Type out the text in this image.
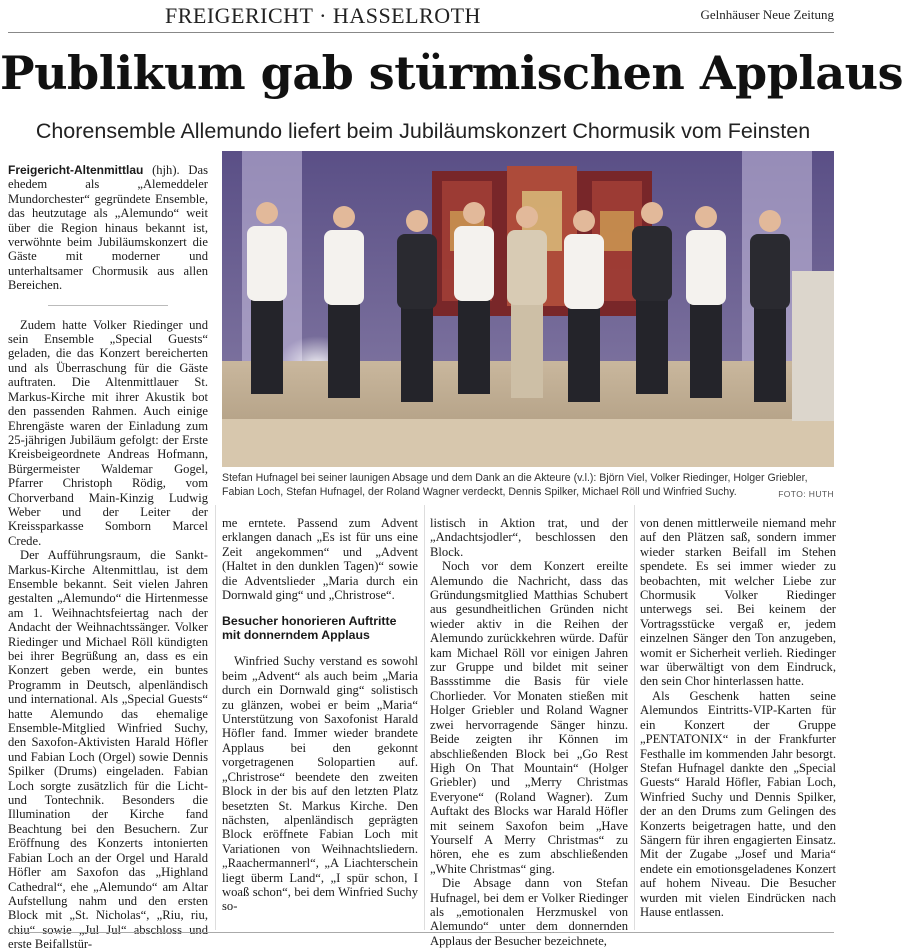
FREIGERICHT · HASSELROTH	Gelnhäuser Neue Zeitung
Publikum gab stürmischen Applaus
Chorensemble Allemundo liefert beim Jubiläumskonzert Chormusik vom Feinsten

Freigericht-Altenmittlau (hjh). Das ehedem als „Alemeddeler Mundorchester“ gegründete Ensemble, das heutzutage als „Alemundo“ weit über die Region hinaus bekannt ist, verwöhnte beim Jubiläumskonzert die Gäste mit moderner und unterhaltsamer Chormusik aus allen Bereichen.

Zudem hatte Volker Riedinger und sein Ensemble „Special Guests“ geladen, die das Konzert bereicherten und als Überraschung für die Gäste auftraten. Die Altenmittlauer St. Markus-Kirche mit ihrer Akustik bot den passenden Rahmen. Auch einige Ehrengäste waren der Einladung zum 25-jährigen Jubiläum gefolgt: der Erste Kreisbeigeordnete Andreas Hofmann, Bürgermeister Waldemar Gogel, Pfarrer Christoph Rödig, vom Chorverband Main-Kinzig Ludwig Weber und der Leiter der Kreissparkasse Somborn Marcel Crede.

Der Aufführungsraum, die Sankt-Markus-Kirche Altenmittlau, ist dem Ensemble bekannt. Seit vielen Jahren gestalten „Alemundo“ die Hirtenmesse am 1. Weihnachtsfeiertag nach der Andacht der Weihnachtssänger. Volker Riedinger und Michael Röll kündigten bei ihrer Begrüßung an, dass es ein Konzert geben werde, ein buntes Programm in Deutsch, alpenländisch und international. Als „Special Guests“ hatte Alemundo das ehemalige Ensemble-Mitglied Winfried Suchy, den Saxofon-Aktivisten Harald Höfler und Fabian Loch (Orgel) sowie Dennis Spilker (Drums) eingeladen. Fabian Loch sorgte zusätzlich für die Licht- und Tontechnik. Besonders die Illumination der Kirche fand Beachtung bei den Besuchern. Zur Eröffnung des Konzerts intonierten Fabian Loch an der Orgel und Harald Höfler am Saxofon das „Highland Cathedral“, ehe „Alemundo“ am Altar Aufstellung nahm und den ersten Block mit „St. Nicholas“, „Riu, riu, chiu“ sowie „Jul Jul“ abschloss und erste Beifallstür-

Stefan Hufnagel bei seiner launigen Absage und dem Dank an die Akteure (v.l.): Björn Viel, Volker Riedinger, Holger Griebler, Fabian Loch, Stefan Hufnagel, der Roland Wagner verdeckt, Dennis Spilker, Michael Röll und Winfried Suchy.	FOTO: HUTH

me erntete. Passend zum Advent erklangen danach „Es ist für uns eine Zeit angekommen“ und „Advent (Haltet in den dunklen Tagen)“ sowie die Adventslieder „Maria durch ein Dornwald ging“ und „Christrose“.

Besucher honorieren Auftritte mit donnerndem Applaus

Winfried Suchy verstand es sowohl beim „Advent“ als auch beim „Maria durch ein Dornwald ging“ solistisch zu glänzen, wobei er beim „Maria“ Unterstützung von Saxofonist Harald Höfler fand. Immer wieder brandete Applaus bei den gekonnt vorgetragenen Solopartien auf. „Christrose“ beendete den zweiten Block in der bis auf den letzten Platz besetzten St. Markus Kirche. Den nächsten, alpenländisch geprägten Block eröffnete Fabian Loch mit Variationen von Weihnachtsliedern. „Raachermannerl“, „A Liachterschein liegt überm Land“, „I spür schon, I woaß schon“, bei dem Winfried Suchy so-

listisch in Aktion trat, und der „Andachtsjodler“, beschlossen den Block.

Noch vor dem Konzert ereilte Alemundo die Nachricht, dass das Gründungsmitglied Matthias Schubert aus gesundheitlichen Gründen nicht wieder aktiv in die Reihen der Alemundo zurückkehren würde. Dafür kam Michael Röll vor einigen Jahren zur Gruppe und bildet mit seiner Bassstimme die Basis für viele Chorlieder. Vor Monaten stießen mit Holger Griebler und Roland Wagner zwei hervorragende Sänger hinzu. Beide zeigten ihr Können im abschließenden Block bei „Go Rest High On That Mountain“ (Holger Griebler) und „Merry Christmas Everyone“ (Roland Wagner). Zum Auftakt des Blocks war Harald Höfler mit seinem Saxofon beim „Have Yourself A Merry Christmas“ zu hören, ehe es zum abschließenden „White Christmas“ ging.

Die Absage dann von Stefan Hufnagel, bei dem er Volker Riedinger als „emotionalen Herzmuskel von Alemundo“ unter dem donnernden Applaus der Besucher bezeichnete,

von denen mittlerweile niemand mehr auf den Plätzen saß, sondern immer wieder starken Beifall im Stehen spendete. Es sei immer wieder zu beobachten, mit welcher Liebe zur Chormusik Volker Riedinger unterwegs sei. Bei keinem der Vortragsstücke vergaß er, jedem einzelnen Sänger den Ton anzugeben, womit er Sicherheit verlieh. Riedinger war überwältigt von dem Eindruck, den sein Chor hinterlassen hatte.

Als Geschenk hatten seine Alemundos Eintritts-VIP-Karten für ein Konzert der Gruppe „PENTATONIX“ in der Frankfurter Festhalle im kommenden Jahr besorgt. Stefan Hufnagel dankte den „Special Guests“ Harald Höfler, Fabian Loch, Winfried Suchy und Dennis Spilker, der an den Drums zum Gelingen des Konzerts beigetragen hatte, und den Sängern für ihren engagierten Einsatz. Mit der Zugabe „Josef und Maria“ endete ein emotionsgeladenes Konzert auf hohem Niveau. Die Besucher wurden mit vielen Eindrücken nach Hause entlassen.
